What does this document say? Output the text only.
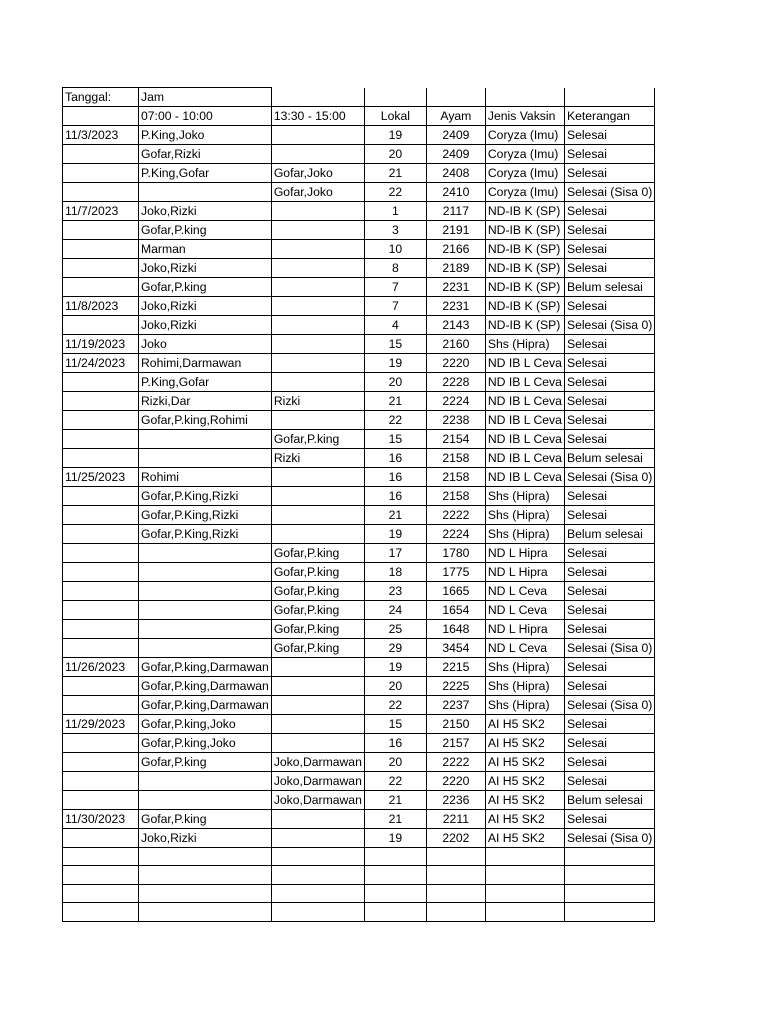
Tanggal:	Jam					
	07:00 - 10:00	13:30 - 15:00	Lokal	Ayam	Jenis Vaksin	Keterangan
11/3/2023	P.King,Joko		19	2409	Coryza (Imu)	Selesai
	Gofar,Rizki		20	2409	Coryza (Imu)	Selesai
	P.King,Gofar	Gofar,Joko	21	2408	Coryza (Imu)	Selesai
		Gofar,Joko	22	2410	Coryza (Imu)	Selesai (Sisa 0)
11/7/2023	Joko,Rizki		1	2117	ND-IB K (SP)	Selesai
	Gofar,P.king		3	2191	ND-IB K (SP)	Selesai
	Marman		10	2166	ND-IB K (SP)	Selesai
	Joko,Rizki		8	2189	ND-IB K (SP)	Selesai
	Gofar,P.king		7	2231	ND-IB K (SP)	Belum selesai
11/8/2023	Joko,Rizki		7	2231	ND-IB K (SP)	Selesai
	Joko,Rizki		4	2143	ND-IB K (SP)	Selesai (Sisa 0)
11/19/2023	Joko		15	2160	Shs (Hipra)	Selesai
11/24/2023	Rohimi,Darmawan		19	2220	ND IB L Ceva	Selesai
	P.King,Gofar		20	2228	ND IB L Ceva	Selesai
	Rizki,Dar	Rizki	21	2224	ND IB L Ceva	Selesai
	Gofar,P.king,Rohimi		22	2238	ND IB L Ceva	Selesai
		Gofar,P.king	15	2154	ND IB L Ceva	Selesai
		Rizki	16	2158	ND IB L Ceva	Belum selesai
11/25/2023	Rohimi		16	2158	ND IB L Ceva	Selesai (Sisa 0)
	Gofar,P.King,Rizki		16	2158	Shs (Hipra)	Selesai
	Gofar,P.King,Rizki		21	2222	Shs (Hipra)	Selesai
	Gofar,P.King,Rizki		19	2224	Shs (Hipra)	Belum selesai
		Gofar,P.king	17	1780	ND L Hipra	Selesai
		Gofar,P.king	18	1775	ND L Hipra	Selesai
		Gofar,P.king	23	1665	ND L Ceva	Selesai
		Gofar,P.king	24	1654	ND L Ceva	Selesai
		Gofar,P.king	25	1648	ND L Hipra	Selesai
		Gofar,P.king	29	3454	ND L Ceva	Selesai (Sisa 0)
11/26/2023	Gofar,P.king,Darmawan		19	2215	Shs (Hipra)	Selesai
	Gofar,P.king,Darmawan		20	2225	Shs (Hipra)	Selesai
	Gofar,P.king,Darmawan		22	2237	Shs (Hipra)	Selesai (Sisa 0)
11/29/2023	Gofar,P.king,Joko		15	2150	AI H5 SK2	Selesai
	Gofar,P.king,Joko		16	2157	AI H5 SK2	Selesai
	Gofar,P.king	Joko,Darmawan	20	2222	AI H5 SK2	Selesai
		Joko,Darmawan	22	2220	AI H5 SK2	Selesai
		Joko,Darmawan	21	2236	AI H5 SK2	Belum selesai
11/30/2023	Gofar,P.king		21	2211	AI H5 SK2	Selesai
	Joko,Rizki		19	2202	AI H5 SK2	Selesai (Sisa 0)
